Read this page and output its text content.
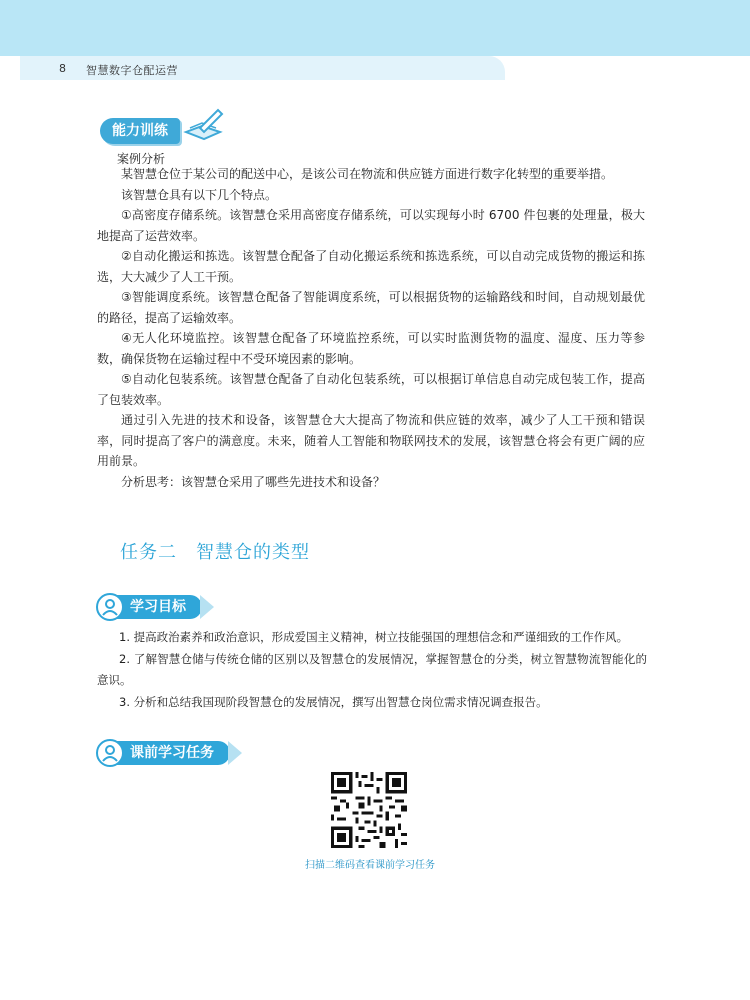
8 智慧数字仓配运营
能力训练
案例分析

某智慧仓位于某公司的配送中心，是该公司在物流和供应链方面进行数字化转型的重要举措。

该智慧仓具有以下几个特点。

①高密度存储系统。该智慧仓采用高密度存储系统，可以实现每小时 6700 件包裹的处理量，极大地提高了运营效率。

②自动化搬运和拣选。该智慧仓配备了自动化搬运系统和拣选系统，可以自动完成货物的搬运和拣选，大大减少了人工干预。

③智能调度系统。该智慧仓配备了智能调度系统，可以根据货物的运输路线和时间，自动规划最优的路径，提高了运输效率。

④无人化环境监控。该智慧仓配备了环境监控系统，可以实时监测货物的温度、湿度、压力等参数，确保货物在运输过程中不受环境因素的影响。

⑤自动化包装系统。该智慧仓配备了自动化包装系统，可以根据订单信息自动完成包装工作，提高了包装效率。

通过引入先进的技术和设备，该智慧仓大大提高了物流和供应链的效率，减少了人工干预和错误率，同时提高了客户的满意度。未来，随着人工智能和物联网技术的发展，该智慧仓将会有更广阔的应用前景。

分析思考：该智慧仓采用了哪些先进技术和设备？

任务二　智慧仓的类型
学习目标

1. 提高政治素养和政治意识，形成爱国主义精神，树立技能强国的理想信念和严谨细致的工作作风。

2. 了解智慧仓储与传统仓储的区别以及智慧仓的发展情况，掌握智慧仓的分类，树立智慧物流智能化的意识。

3. 分析和总结我国现阶段智慧仓的发展情况，撰写出智慧仓岗位需求情况调查报告。

课前学习任务
扫描二维码查看课前学习任务
